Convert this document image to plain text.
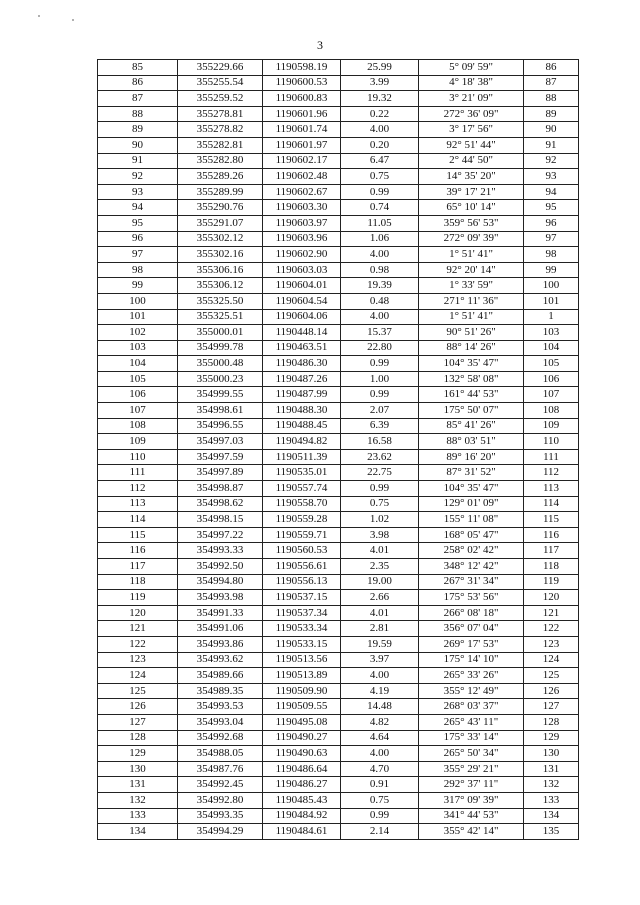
3
85	355229.66	1190598.19	25.99	5° 09' 59"	86
86	355255.54	1190600.53	3.99	4° 18' 38"	87
87	355259.52	1190600.83	19.32	3° 21' 09"	88
88	355278.81	1190601.96	0.22	272° 36' 09"	89
89	355278.82	1190601.74	4.00	3° 17' 56"	90
90	355282.81	1190601.97	0.20	92° 51' 44"	91
91	355282.80	1190602.17	6.47	2° 44' 50"	92
92	355289.26	1190602.48	0.75	14° 35' 20"	93
93	355289.99	1190602.67	0.99	39° 17' 21"	94
94	355290.76	1190603.30	0.74	65° 10' 14"	95
95	355291.07	1190603.97	11.05	359° 56' 53"	96
96	355302.12	1190603.96	1.06	272° 09' 39"	97
97	355302.16	1190602.90	4.00	1° 51' 41"	98
98	355306.16	1190603.03	0.98	92° 20' 14"	99
99	355306.12	1190604.01	19.39	1° 33' 59"	100
100	355325.50	1190604.54	0.48	271° 11' 36"	101
101	355325.51	1190604.06	4.00	1° 51' 41"	1
102	355000.01	1190448.14	15.37	90° 51' 26"	103
103	354999.78	1190463.51	22.80	88° 14' 26"	104
104	355000.48	1190486.30	0.99	104° 35' 47"	105
105	355000.23	1190487.26	1.00	132° 58' 08"	106
106	354999.55	1190487.99	0.99	161° 44' 53"	107
107	354998.61	1190488.30	2.07	175° 50' 07"	108
108	354996.55	1190488.45	6.39	85° 41' 26"	109
109	354997.03	1190494.82	16.58	88° 03' 51"	110
110	354997.59	1190511.39	23.62	89° 16' 20"	111
111	354997.89	1190535.01	22.75	87° 31' 52"	112
112	354998.87	1190557.74	0.99	104° 35' 47"	113
113	354998.62	1190558.70	0.75	129° 01' 09"	114
114	354998.15	1190559.28	1.02	155° 11' 08"	115
115	354997.22	1190559.71	3.98	168° 05' 47"	116
116	354993.33	1190560.53	4.01	258° 02' 42"	117
117	354992.50	1190556.61	2.35	348° 12' 42"	118
118	354994.80	1190556.13	19.00	267° 31' 34"	119
119	354993.98	1190537.15	2.66	175° 53' 56"	120
120	354991.33	1190537.34	4.01	266° 08' 18"	121
121	354991.06	1190533.34	2.81	356° 07' 04"	122
122	354993.86	1190533.15	19.59	269° 17' 53"	123
123	354993.62	1190513.56	3.97	175° 14' 10"	124
124	354989.66	1190513.89	4.00	265° 33' 26"	125
125	354989.35	1190509.90	4.19	355° 12' 49"	126
126	354993.53	1190509.55	14.48	268° 03' 37"	127
127	354993.04	1190495.08	4.82	265° 43' 11"	128
128	354992.68	1190490.27	4.64	175° 33' 14"	129
129	354988.05	1190490.63	4.00	265° 50' 34"	130
130	354987.76	1190486.64	4.70	355° 29' 21"	131
131	354992.45	1190486.27	0.91	292° 37' 11"	132
132	354992.80	1190485.43	0.75	317° 09' 39"	133
133	354993.35	1190484.92	0.99	341° 44' 53"	134
134	354994.29	1190484.61	2.14	355° 42' 14"	135
